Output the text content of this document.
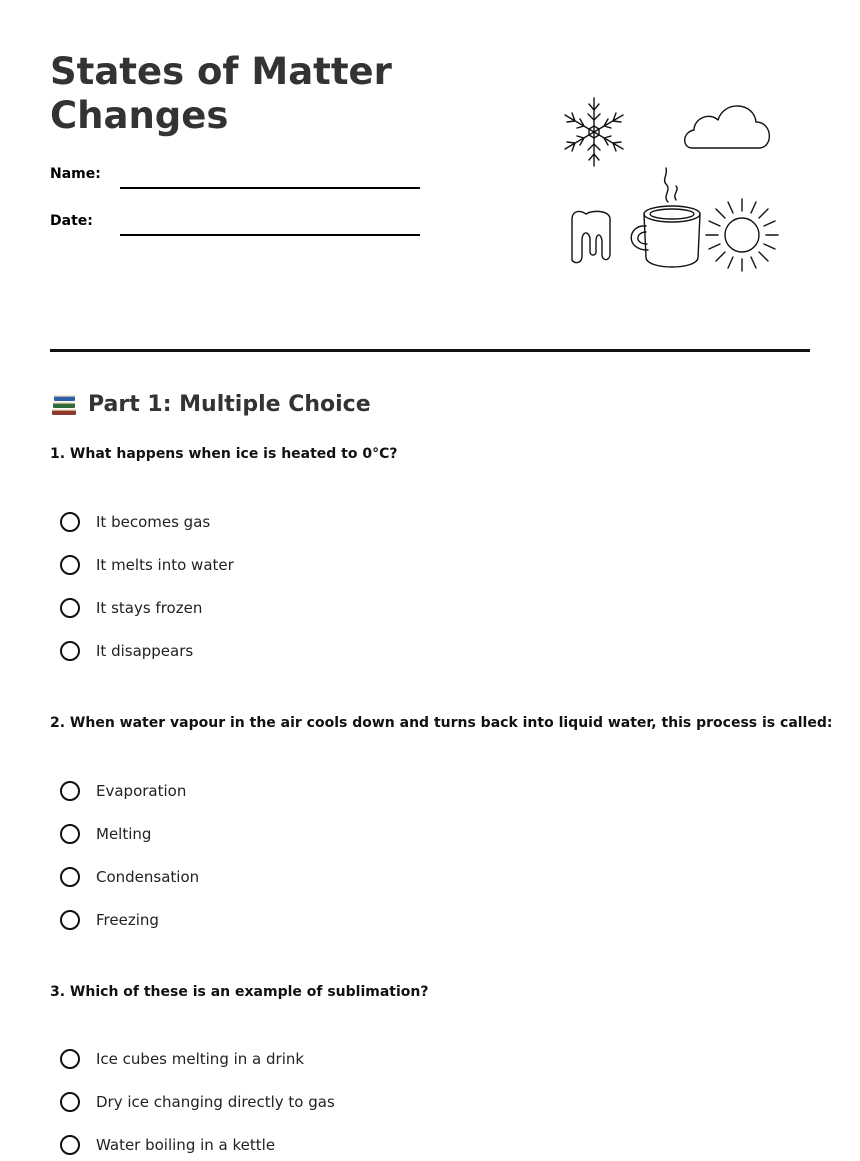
States of Matter Changes
Name:
Date:
Part 1: Multiple Choice
1. What happens when ice is heated to 0°C?
It becomes gas
It melts into water
It stays frozen
It disappears
2. When water vapour in the air cools down and turns back into liquid water, this process is called:
Evaporation
Melting
Condensation
Freezing
3. Which of these is an example of sublimation?
Ice cubes melting in a drink
Dry ice changing directly to gas
Water boiling in a kettle
